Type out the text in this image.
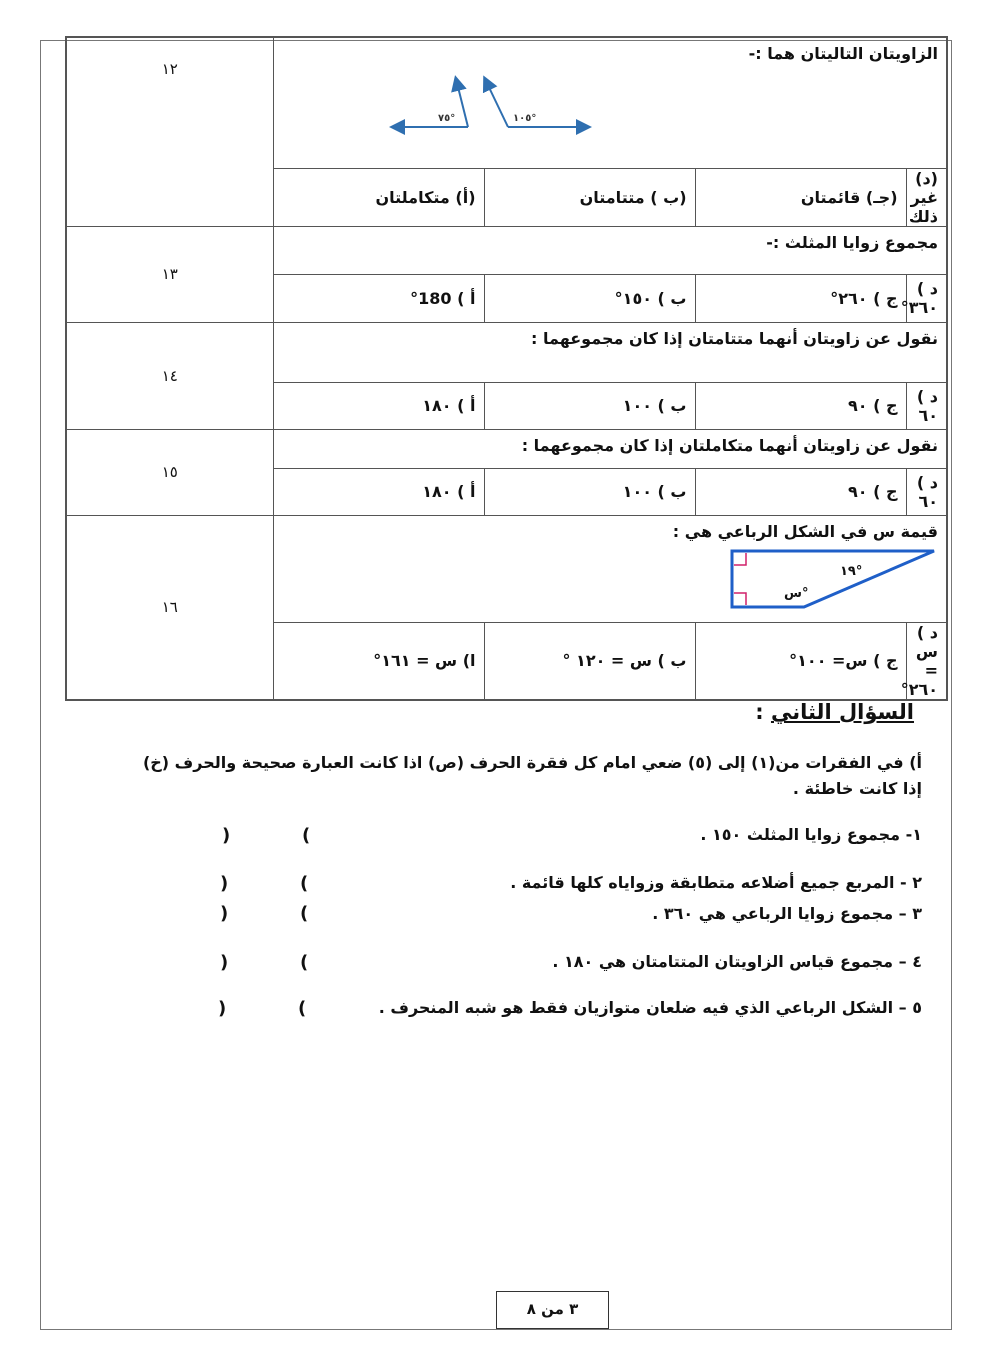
الزاويتان التاليتان هما :-
٧٥° ١٠٥°				١٢
(د) غير ذلك	(جـ) قائمتان	(ب ) متتامتان	(أ) متكاملتان	
مجموع زوايا المثلث :-				١٣
د ) ٣٦٠°	ج ) ٢٦٠°	ب ) ١٥٠°	أ ) 180°	
نقول عن زاويتان أنهما متتامتان إذا كان مجموعهما :				١٤
د ) ٦٠	ج ) ٩٠	ب ) ١٠٠	أ ) ١٨٠	
نقول عن زاويتان أنهما متكاملتان إذا كان مجموعهما :				١٥
د ) ٦٠	ج ) ٩٠	ب ) ١٠٠	أ ) ١٨٠	

قيمة س في الشكل الرباعي هي :
١٩°
س°				١٦
د ) س = ٢٦٠°	ج ) س= ١٠٠°	ب ) س = ١٢٠ °	ا) س = ١٦١°	
السؤال الثاني :
أ) في الفقرات من(١) إلى (٥) ضعي امام كل فقرة الحرف (ص) اذا كانت العبارة صحيحة والحرف (خ) إذا كانت خاطئة .
١- مجموع زوايا المثلث ١٥٠ .
٢ - المربع جميع أضلاعه متطابقة وزواياه كلها قائمة .
٣ – مجموع زوايا الرباعي هي ٣٦٠ .
٤ – مجموع قياس الزاويتان المتتامتان هي ١٨٠ .
٥ – الشكل الرباعي الذي فيه ضلعان متوازيان فقط هو شبه المنحرف .
)
(
)
(
)
(
)
(
)
(
٣ من ٨
